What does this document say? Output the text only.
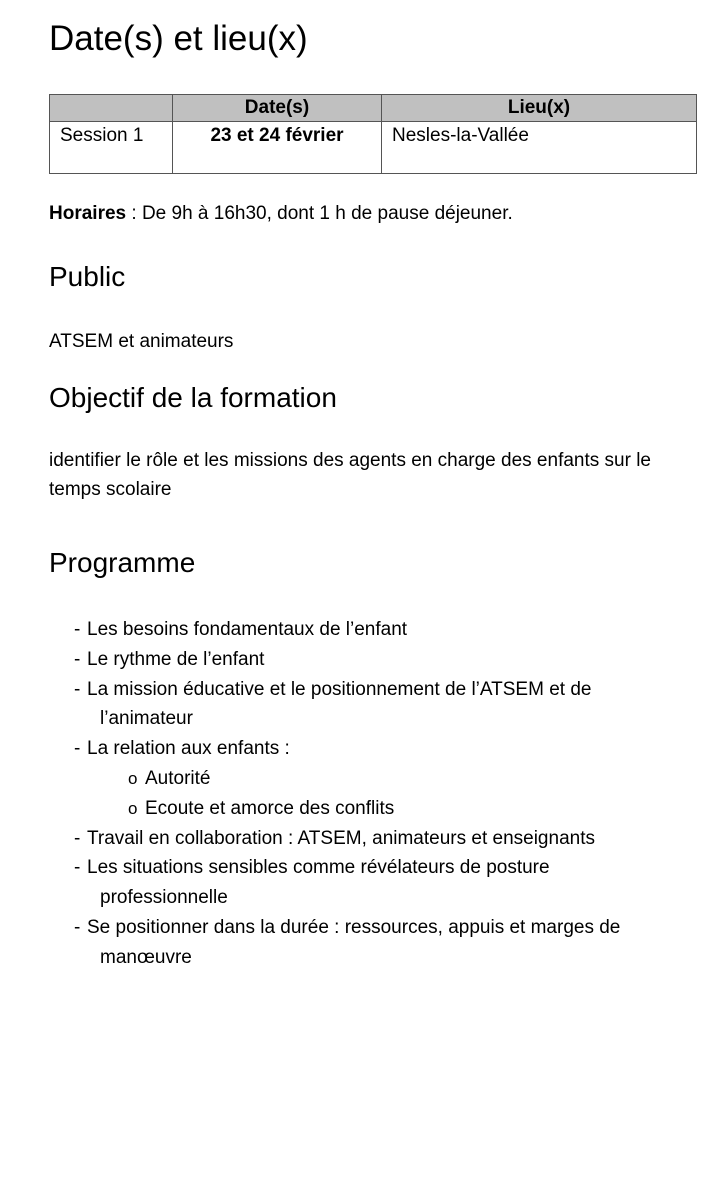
Date(s) et lieu(x)
	Date(s)	Lieu(x)
Session 1	23 et 24 février	Nesles-la-Vallée

Horaires : De 9h à 16h30, dont 1 h de pause déjeuner.

Public

ATSEM et animateurs

Objectif de la formation

identifier le rôle et les missions des agents en charge des enfants sur le temps scolaire

Programme
- Les besoins fondamentaux de l’enfant
- Le rythme de l’enfant
- La mission éducative et le positionnement de l’ATSEM et de l’animateur
- La relation aux enfants :
o Autorité
o Ecoute et amorce des conflits
- Travail en collaboration : ATSEM, animateurs et enseignants
- Les situations sensibles comme révélateurs de posture professionnelle
- Se positionner dans la durée : ressources, appuis et marges de manœuvre
